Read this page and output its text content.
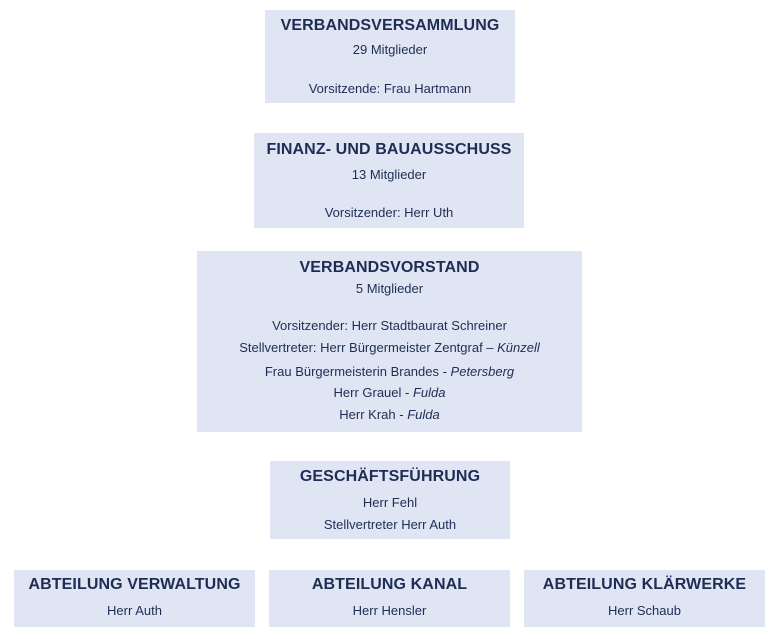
VERBANDSVERSAMMLUNG
29 Mitglieder
Vorsitzende: Frau Hartmann
FINANZ- UND BAUAUSSCHUSS
13 Mitglieder
Vorsitzender: Herr Uth
VERBANDSVORSTAND
5 Mitglieder
Vorsitzender: Herr Stadtbaurat Schreiner
Stellvertreter: Herr Bürgermeister Zentgraf – Künzell
Frau Bürgermeisterin Brandes - Petersberg
Herr Grauel - Fulda
Herr Krah - Fulda
GESCHÄFTSFÜHRUNG
Herr Fehl
Stellvertreter Herr Auth
ABTEILUNG VERWALTUNG
Herr Auth
ABTEILUNG KANAL
Herr Hensler
ABTEILUNG KLÄRWERKE
Herr Schaub
